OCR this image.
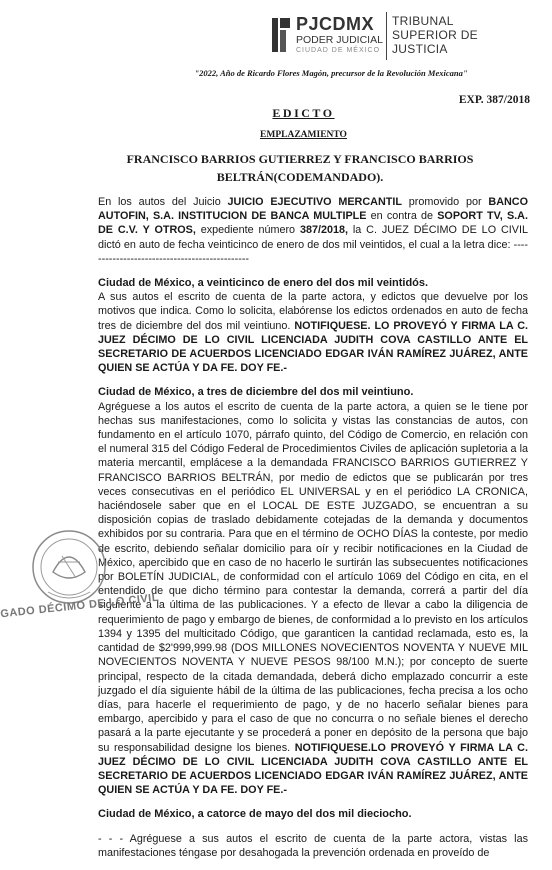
PJCDMX
PODER JUDICIAL
CIUDAD DE MÉXICO
TRIBUNAL
SUPERIOR DE
JUSTICIA
"2022, Año de Ricardo Flores Magón, precursor de la Revolución Mexicana"
EXP. 387/2018
EDICTO
EMPLAZAMIENTO
FRANCISCO BARRIOS GUTIERREZ Y FRANCISCO BARRIOS BELTRÁN(CODEMANDADO).

En los autos del Juicio JUICIO EJECUTIVO MERCANTIL promovido por BANCO AUTOFIN, S.A. INSTITUCION DE BANCA MULTIPLE en contra de SOPORT TV, S.A. DE C.V. Y OTROS, expediente número 387/2018, la C. JUEZ DÉCIMO DE LO CIVIL dictó en auto de fecha veinticinco de enero de dos mil veintidos, el cual a la letra dice: ----------------------------------------------

Ciudad de México, a veinticinco de enero del dos mil veintidós.

A sus autos el escrito de cuenta de la parte actora, y edictos que devuelve por los motivos que indica. Como lo solicita, elabórense los edictos ordenados en auto de fecha tres de diciembre del dos mil veintiuno. NOTIFIQUESE. LO PROVEYÓ Y FIRMA LA C. JUEZ DÉCIMO DE LO CIVIL LICENCIADA JUDITH COVA CASTILLO ANTE EL SECRETARIO DE ACUERDOS LICENCIADO EDGAR IVÁN RAMÍREZ JUÁREZ, ANTE QUIEN SE ACTÚA Y DA FE. DOY FE.-

Ciudad de México, a tres de diciembre del dos mil veintiuno.

Agréguese a los autos el escrito de cuenta de la parte actora, a quien se le tiene por hechas sus manifestaciones, como lo solicita y vistas las constancias de autos, con fundamento en el artículo 1070, párrafo quinto, del Código de Comercio, en relación con el numeral 315 del Código Federal de Procedimientos Civiles de aplicación supletoria a la materia mercantil, emplácese a la demandada FRANCISCO BARRIOS GUTIERREZ Y FRANCISCO BARRIOS BELTRÁN, por medio de edictos que se publicarán por tres veces consecutivas en el periódico EL UNIVERSAL y en el periódico LA CRONICA, haciéndosele saber que en el LOCAL DE ESTE JUZGADO, se encuentran a su disposición copias de traslado debidamente cotejadas de la demanda y documentos exhibidos por su contraria. Para que en el término de OCHO DÍAS la conteste, por medio de escrito, debiendo señalar domicilio para oír y recibir notificaciones en la Ciudad de México, apercibido que en caso de no hacerlo le surtirán las subsecuentes notificaciones por BOLETÍN JUDICIAL, de conformidad con el artículo 1069 del Código en cita, en el entendido de que dicho término para contestar la demanda, correrá a partir del día siguiente a la última de las publicaciones. Y a efecto de llevar a cabo la diligencia de requerimiento de pago y embargo de bienes, de conformidad a lo previsto en los artículos 1394 y 1395 del multicitado Código, que garanticen la cantidad reclamada, esto es, la cantidad de $2'999,999.98 (DOS MILLONES NOVECIENTOS NOVENTA Y NUEVE MIL NOVECIENTOS NOVENTA Y NUEVE PESOS 98/100 M.N.); por concepto de suerte principal, respecto de la citada demandada, deberá dicho emplazado concurrir a este juzgado el día siguiente hábil de la última de las publicaciones, fecha precisa a los ocho días, para hacerle el requerimiento de pago, y de no hacerlo señalar bienes para embargo, apercibido y para el caso de que no concurra o no señale bienes el derecho pasará a la parte ejecutante y se procederá a poner en depósito de la persona que bajo su responsabilidad designe los bienes. NOTIFIQUESE.LO PROVEYÓ Y FIRMA LA C. JUEZ DÉCIMO DE LO CIVIL LICENCIADA JUDITH COVA CASTILLO ANTE EL SECRETARIO DE ACUERDOS LICENCIADO EDGAR IVÁN RAMÍREZ JUÁREZ, ANTE QUIEN SE ACTÚA Y DA FE. DOY FE.-

Ciudad de México, a catorce de mayo del dos mil dieciocho.

- - - Agréguese a sus autos el escrito de cuenta de la parte actora, vistas las manifestaciones téngase por desahogada la prevención ordenada en proveído de

GADO DÉCIMO DE LO CIVIL
